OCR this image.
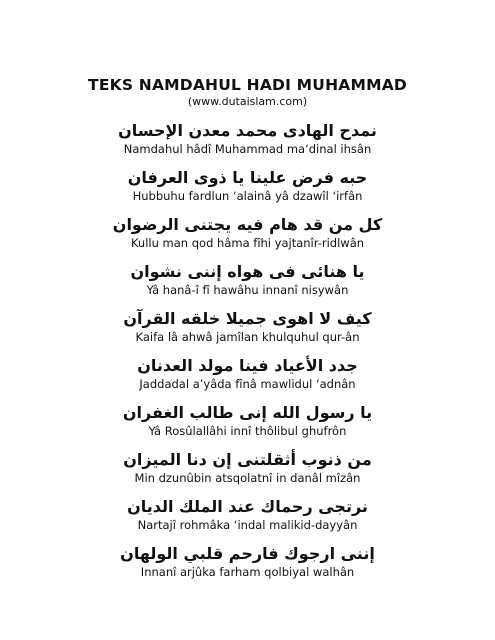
TEKS NAMDAHUL HADI MUHAMMAD
(www.dutaislam.com)
نمدح الهادى محمد معدن الإحسان
Namdahul hâdî Muhammad ma‘dinal ihsân
حبه فرض علينا يا ذوى العرفان
Hubbuhu fardlun ‘alainâ yâ dzawîl ‘irfân
كل من قد هام فيه يجتنى الرضوان
Kullu man qod hâma fîhi yajtanîr-ridlwân
يا هنائى فى هواه إننى نشوان
Yâ hanâ-î fî hawâhu innanî nisywân
كيف لا اهوى جميلا خلقه القرآن
Kaifa lâ ahwâ jamîlan khulquhul qur-ân
جدد الأعياد فينا مولد العدنان
Jaddadal a’yâda fînâ mawlidul ‘adnân
يا رسول الله إنى طالب الغفران
Yâ Rosûlallâhi innî thôlibul ghufrôn
من ذنوب أثقلتنى إن دنا الميزان
Min dzunûbin atsqolatnî in danâl mîzân
نرتجى رحماك عند الملك الديان
Nartajî rohmâka ‘indal malikid-dayyân
إننى ارجوك فارحم قلبي الولهان
Innanî arjûka farham qolbiyal walhân
